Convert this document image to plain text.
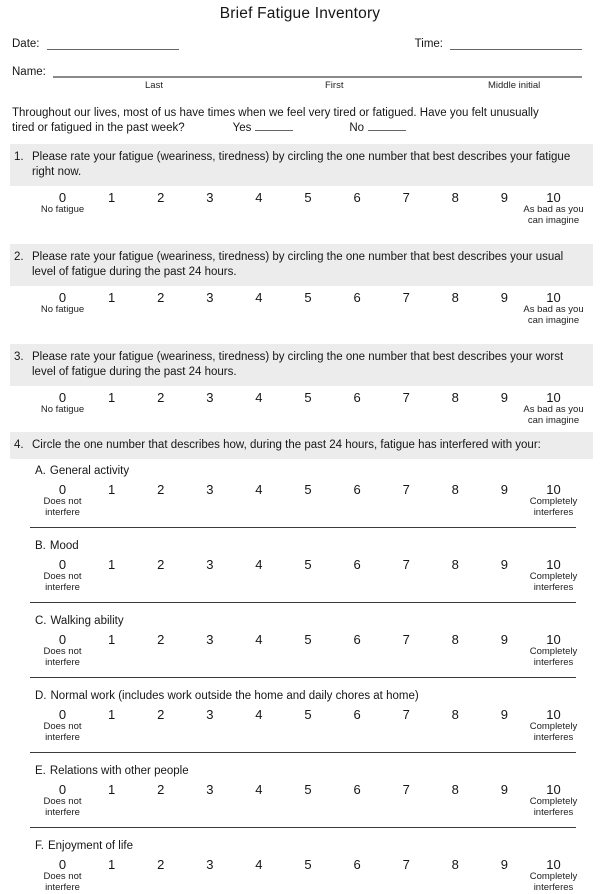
Brief Fatigue Inventory
Date:	Time:
Name:
Last	First	Middle initial
Throughout our lives, most of us have times when we feel very tired or fatigued. Have you felt unusually
tired or fatigued in the past week?	Yes	No
1. Please rate your fatigue (weariness, tiredness) by circling the one number that best describes your fatigue
right now.
0	1	2	3	4	5	6	7	8	9	10
No fatigue	As bad as you
can imagine
2. Please rate your fatigue (weariness, tiredness) by circling the one number that best describes your usual
level of fatigue during the past 24 hours.
0	1	2	3	4	5	6	7	8	9	10
No fatigue	As bad as you
can imagine
3. Please rate your fatigue (weariness, tiredness) by circling the one number that best describes your worst
level of fatigue during the past 24 hours.
0	1	2	3	4	5	6	7	8	9	10
No fatigue	As bad as you
can imagine
4. Circle the one number that describes how, during the past 24 hours, fatigue has interfered with your:
A. General activity
0	1	2	3	4	5	6	7	8	9	10
Does not
interfere
Completely
interferes
B. Mood
0	1	2	3	4	5	6	7	8	9	10
Does not
interfere
Completely
interferes
C. Walking ability
0	1	2	3	4	5	6	7	8	9	10
Does not
interfere
Completely
interferes
D. Normal work (includes work outside the home and daily chores at home)
0	1	2	3	4	5	6	7	8	9	10
Does not
interfere
Completely
interferes
E. Relations with other people
0	1	2	3	4	5	6	7	8	9	10
Does not
interfere
Completely
interferes
F. Enjoyment of life
0	1	2	3	4	5	6	7	8	9	10
Does not
interfere
Completely
interferes
